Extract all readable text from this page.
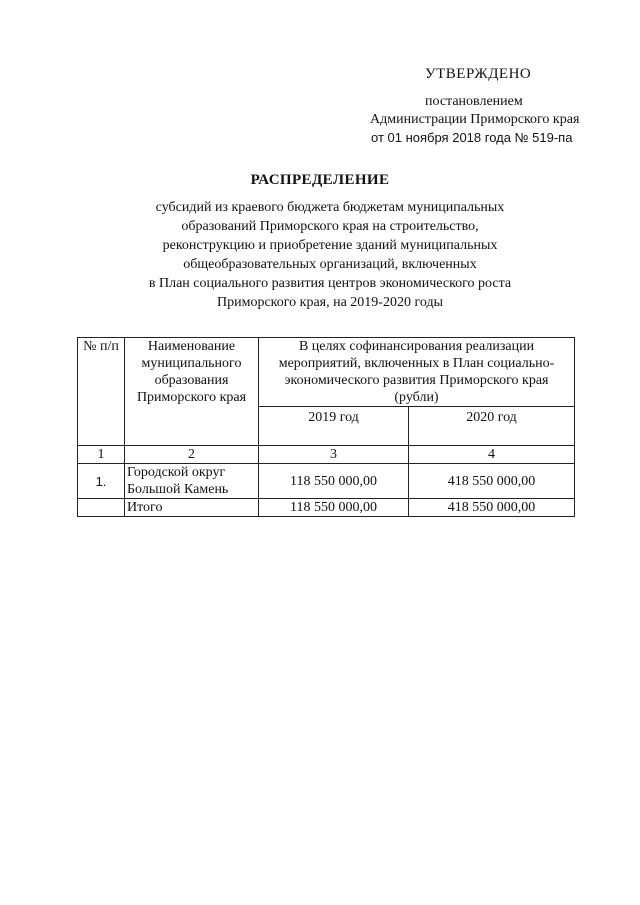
УТВЕРЖДЕНО
постановлением
Администрации Приморского края
от 01 ноября 2018 года № 519-па
РАСПРЕДЕЛЕНИЕ
субсидий из краевого бюджета бюджетам муниципальных
образований Приморского края на строительство,
реконструкцию и приобретение зданий муниципальных
общеобразовательных организаций, включенных
в План социального развития центров экономического роста
Приморского края, на 2019-2020 годы
№ п/п	Наименование муниципального образования Приморского края	В целях софинансирования реализации мероприятий, включенных в План социально-экономического развития Приморского края (рубли)	
		2019 год	2020 год
1	2	3	4
1.	Городской округ Большой Камень	118 550 000,00	418 550 000,00
	Итого	118 550 000,00	418 550 000,00
